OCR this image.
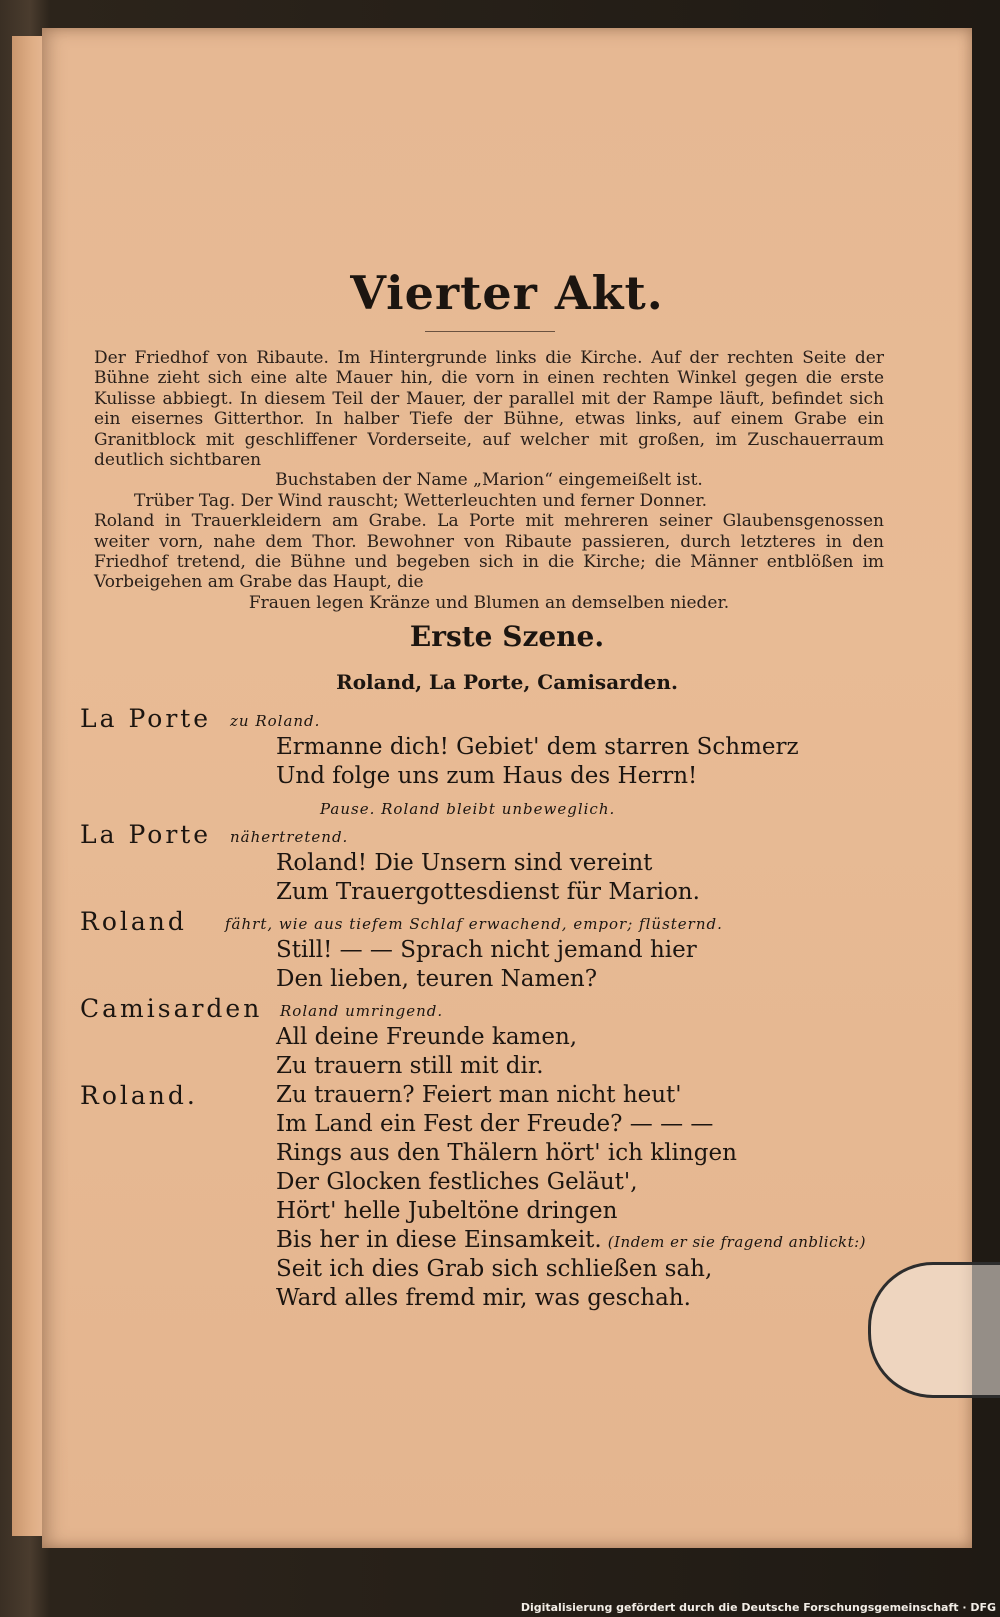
Vierter Akt.

Der Friedhof von Ribaute. Im Hintergrunde links die Kirche. Auf der rechten Seite der Bühne zieht sich eine alte Mauer hin, die vorn in einen rechten Winkel gegen die erste Kulisse abbiegt. In diesem Teil der Mauer, der parallel mit der Rampe läuft, befindet sich ein eisernes Gitterthor. In halber Tiefe der Bühne, etwas links, auf einem Grabe ein Granitblock mit geschliffener Vorderseite, auf welcher mit großen, im Zuschauerraum deutlich sichtbaren

Buchstaben der Name „Marion“ eingemeißelt ist.

Trüber Tag. Der Wind rauscht; Wetterleuchten und ferner Donner.

Roland in Trauerkleidern am Grabe. La Porte mit mehreren seiner Glaubensgenossen weiter vorn, nahe dem Thor. Bewohner von Ribaute passieren, durch letzteres in den Friedhof tretend, die Bühne und begeben sich in die Kirche; die Männer entblößen im Vorbeigehen am Grabe das Haupt, die

Frauen legen Kränze und Blumen an demselben nieder.

Erste Szene.
Roland, La Porte, Camisarden.
La Porte zu Roland.
Ermanne dich! Gebiet' dem starren Schmerz
Und folge uns zum Haus des Herrn!
Pause. Roland bleibt unbeweglich.
La Porte nähertretend.
Roland! Die Unsern sind vereint
Zum Trauergottesdienst für Marion.
Roland	fährt, wie aus tiefem Schlaf erwachend, empor; flüsternd.
Still! — — Sprach nicht jemand hier
Den lieben, teuren Namen?
Camisarden Roland umringend.
All deine Freunde kamen,
Zu trauern still mit dir.
Roland.	Zu trauern? Feiert man nicht heut'
Im Land ein Fest der Freude? — — —
Rings aus den Thälern hört' ich klingen
Der Glocken festliches Geläut',
Hört' helle Jubeltöne dringen
Bis her in diese Einsamkeit. (Indem er sie fragend anblickt:)
Seit ich dies Grab sich schließen sah,
Ward alles fremd mir, was geschah.
Digitalisierung gefördert durch die Deutsche Forschungsgemeinschaft · DFG
